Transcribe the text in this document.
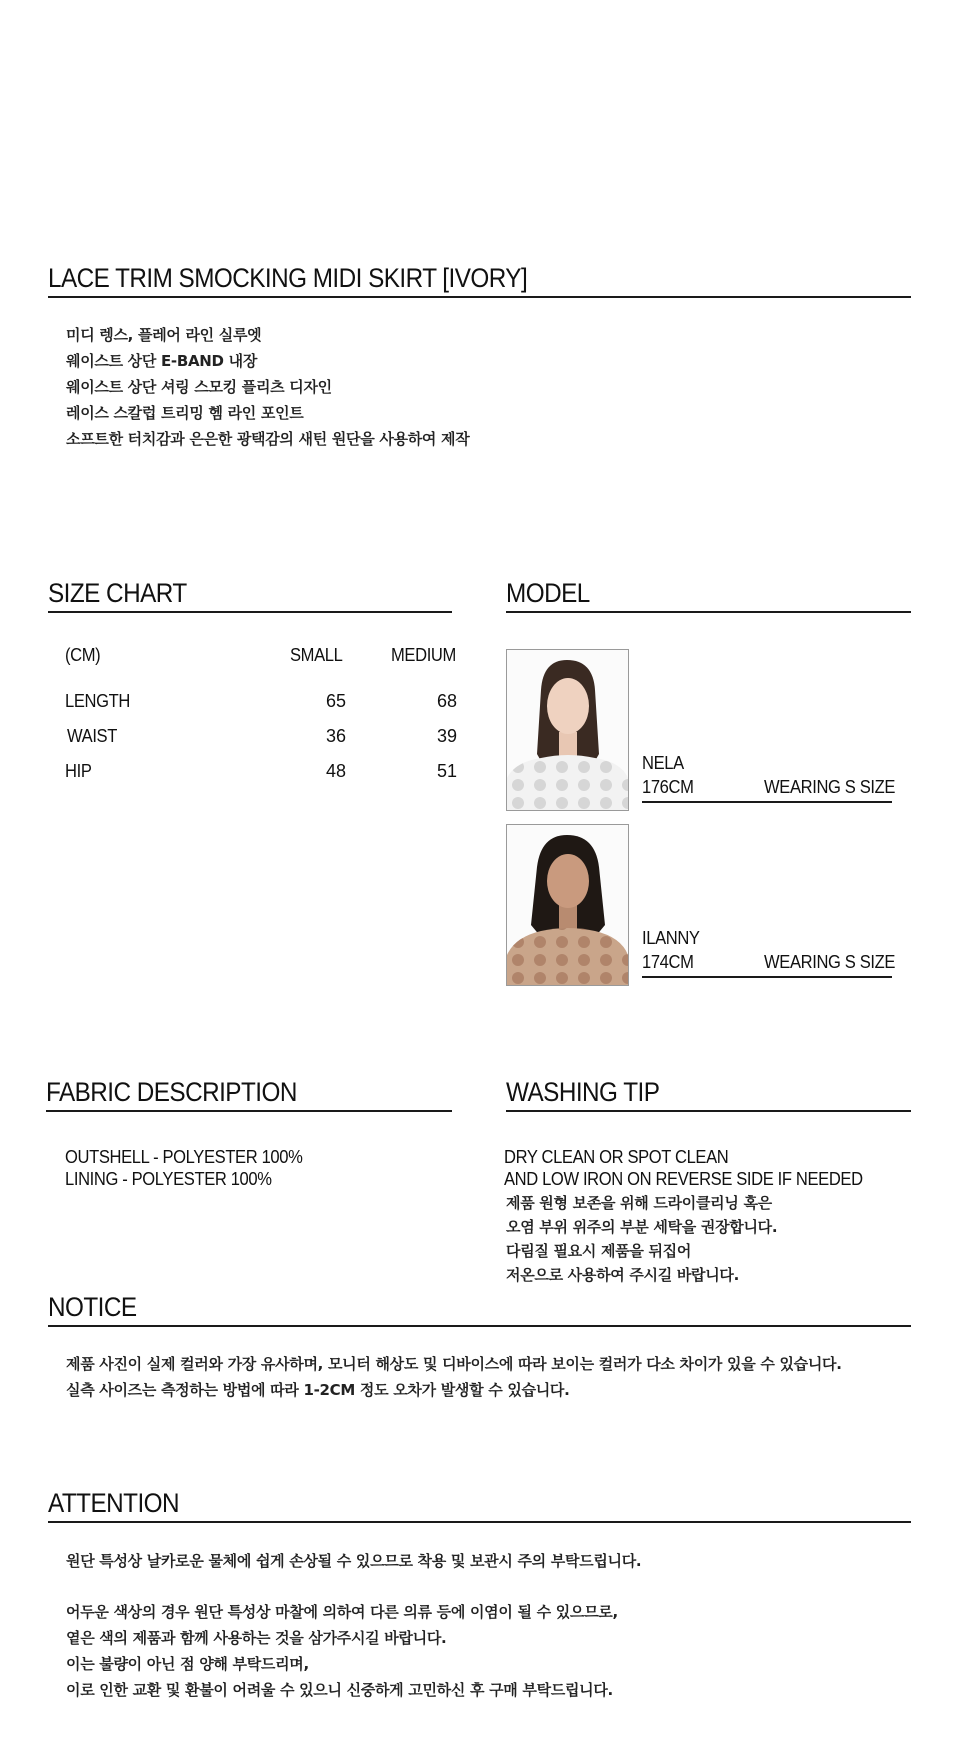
LACE TRIM SMOCKING MIDI SKIRT [IVORY]
미디 렝스, 플레어 라인 실루엣
웨이스트 상단 E-BAND 내장
웨이스트 상단 셔링 스모킹 플리츠 디자인
레이스 스칼럽 트리밍 헴 라인 포인트
소프트한 터치감과 은은한 광택감의 새틴 원단을 사용하여 제작
SIZE CHART
(CM)	SMALL	MEDIUM
LENGTH	65	68
WAIST	36	39
HIP	48	51
MODEL
NELA
176CM	WEARING S SIZE
ILANNY
174CM	WEARING S SIZE
FABRIC DESCRIPTION
OUTSHELL - POLYESTER 100%
LINING - POLYESTER 100%
WASHING TIP
DRY CLEAN OR SPOT CLEAN
AND LOW IRON ON REVERSE SIDE IF NEEDED
제품 원형 보존을 위해 드라이클리닝 혹은
오염 부위 위주의 부분 세탁을 권장합니다.
다림질 필요시 제품을 뒤집어
저온으로 사용하여 주시길 바랍니다.
NOTICE
제품 사진이 실제 컬러와 가장 유사하며, 모니터 해상도 및 디바이스에 따라 보이는 컬러가 다소 차이가 있을 수 있습니다.
실측 사이즈는 측정하는 방법에 따라 1-2CM 정도 오차가 발생할 수 있습니다.
ATTENTION
원단 특성상 날카로운 물체에 쉽게 손상될 수 있으므로 착용 및 보관시 주의 부탁드립니다.
어두운 색상의 경우 원단 특성상 마찰에 의하여 다른 의류 등에 이염이 될 수 있으므로,
옅은 색의 제품과 함께 사용하는 것을 삼가주시길 바랍니다.
이는 불량이 아닌 점 양해 부탁드리며,
이로 인한 교환 및 환불이 어려울 수 있으니 신중하게 고민하신 후 구매 부탁드립니다.
